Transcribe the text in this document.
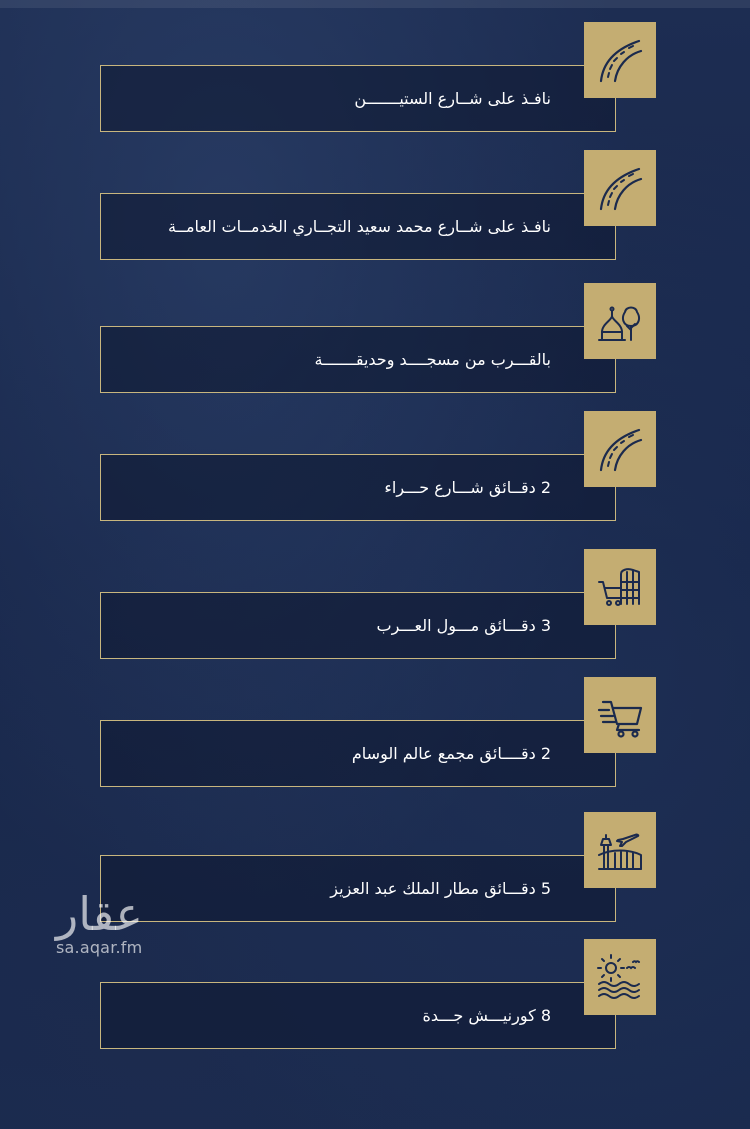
نافـذ على شــارع الستيـــــــن
نافـذ على شــارع محمد سعيد التجــاري الخدمــات العامــة
بالقـــرب من مسجــــد وحديقـــــــة
2 دقــائق شـــارع حـــراء
3 دقـــائق مـــول العـــرب
2 دقــــائق مجمع عالم الوسام
5 دقـــائق مطار الملك عبد العزيز
8 كورنيـــش جـــدة
عقار
sa.aqar.fm
